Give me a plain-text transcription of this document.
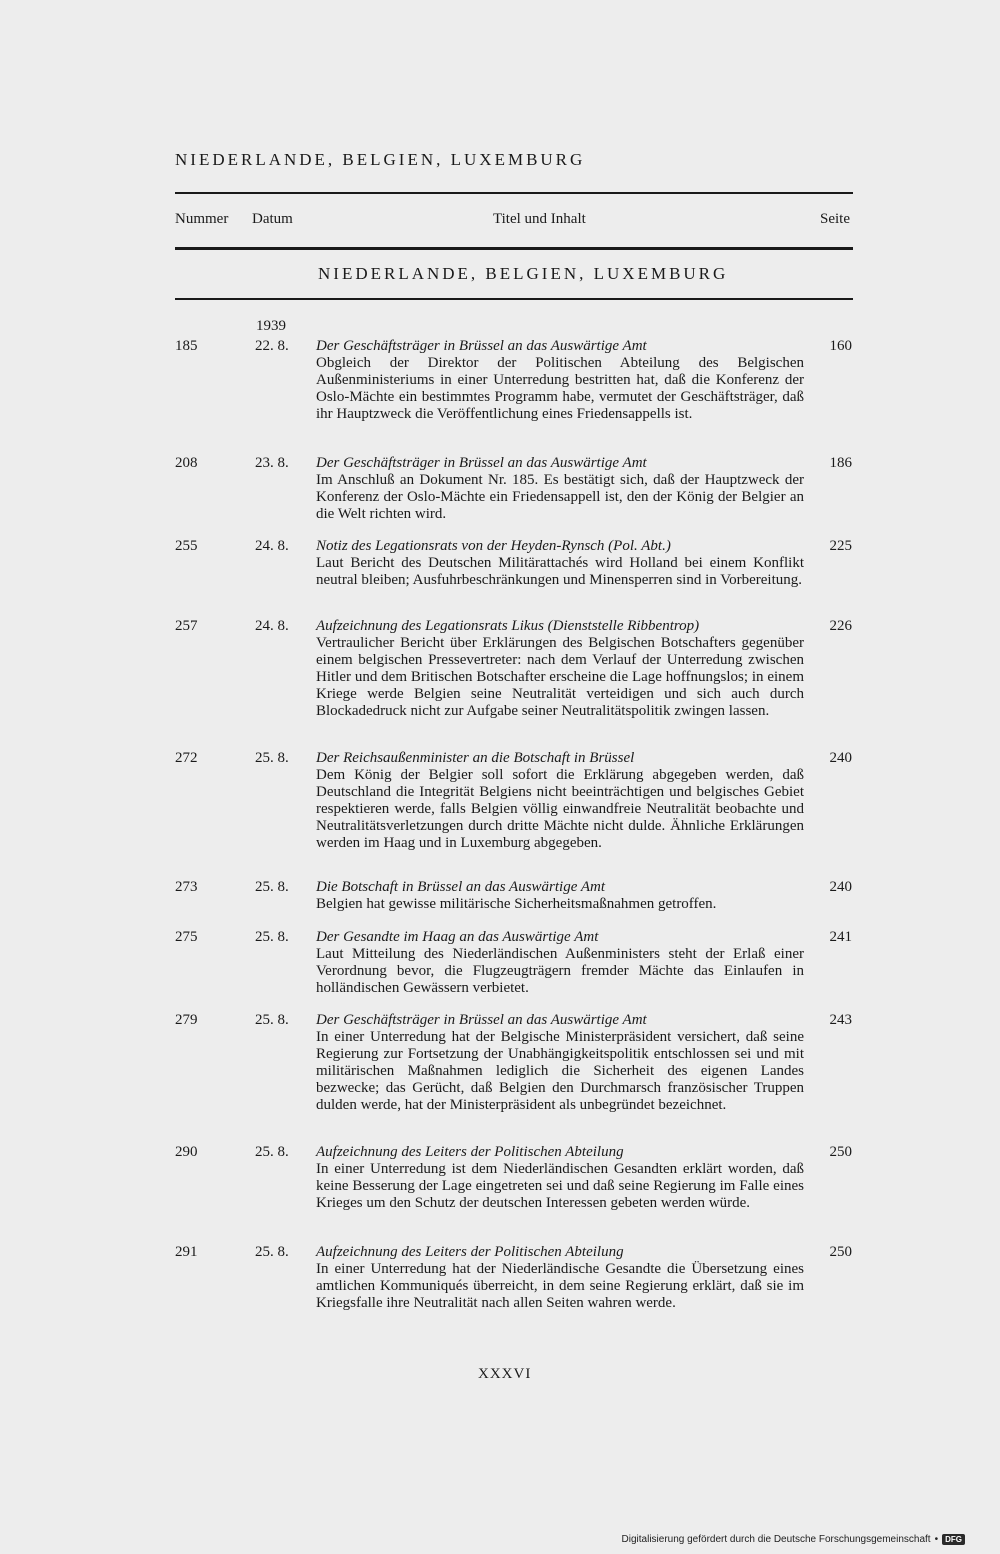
NIEDERLANDE, BELGIEN, LUXEMBURG
Nummer Datum	Titel und Inhalt	Seite
NIEDERLANDE, BELGIEN, LUXEMBURG
1939
185	22. 8. Der Geschäftsträger in Brüssel an das Auswärtige Amt	160
Obgleich der Direktor der Politischen Abteilung des Belgischen Außenministeriums in einer Unterredung bestritten hat, daß die Konferenz der Oslo-Mächte ein bestimmtes Programm habe, vermutet der Geschäftsträger, daß ihr Hauptzweck die Veröffentlichung eines Friedensappells ist.
208	23. 8. Der Geschäftsträger in Brüssel an das Auswärtige Amt	186
Im Anschluß an Dokument Nr. 185. Es bestätigt sich, daß der Hauptzweck der Konferenz der Oslo-Mächte ein Friedensappell ist, den der König der Belgier an die Welt richten wird.
255	24. 8. Notiz des Legationsrats von der Heyden-Rynsch (Pol. Abt.)	225
Laut Bericht des Deutschen Militärattachés wird Holland bei einem Konflikt neutral bleiben; Ausfuhrbeschränkungen und Minensperren sind in Vorbereitung.
257	24. 8. Aufzeichnung des Legationsrats Likus (Dienststelle Ribbentrop)	226
Vertraulicher Bericht über Erklärungen des Belgischen Botschafters gegenüber einem belgischen Pressevertreter: nach dem Verlauf der Unterredung zwischen Hitler und dem Britischen Botschafter erscheine die Lage hoffnungslos; in einem Kriege werde Belgien seine Neutralität verteidigen und sich auch durch Blockadedruck nicht zur Aufgabe seiner Neutralitätspolitik zwingen lassen.
272	25. 8. Der Reichsaußenminister an die Botschaft in Brüssel	240
Dem König der Belgier soll sofort die Erklärung abgegeben werden, daß Deutschland die Integrität Belgiens nicht beeinträchtigen und belgisches Gebiet respektieren werde, falls Belgien völlig einwandfreie Neutralität beobachte und Neutralitätsverletzungen durch dritte Mächte nicht dulde. Ähnliche Erklärungen werden im Haag und in Luxemburg abgegeben.
273	25. 8. Die Botschaft in Brüssel an das Auswärtige Amt	240
Belgien hat gewisse militärische Sicherheitsmaßnahmen getroffen.
275	25. 8. Der Gesandte im Haag an das Auswärtige Amt	241
Laut Mitteilung des Niederländischen Außenministers steht der Erlaß einer Verordnung bevor, die Flugzeugträgern fremder Mächte das Einlaufen in holländischen Gewässern verbietet.
279	25. 8. Der Geschäftsträger in Brüssel an das Auswärtige Amt	243
In einer Unterredung hat der Belgische Ministerpräsident versichert, daß seine Regierung zur Fortsetzung der Unabhängigkeitspolitik entschlossen sei und mit militärischen Maßnahmen lediglich die Sicherheit des eigenen Landes bezwecke; das Gerücht, daß Belgien den Durchmarsch französischer Truppen dulden werde, hat der Ministerpräsident als unbegründet bezeichnet.
290	25. 8. Aufzeichnung des Leiters der Politischen Abteilung	250
In einer Unterredung ist dem Niederländischen Gesandten erklärt worden, daß keine Besserung der Lage eingetreten sei und daß seine Regierung im Falle eines Krieges um den Schutz der deutschen Interessen gebeten werden würde.
291	25. 8. Aufzeichnung des Leiters der Politischen Abteilung	250
In einer Unterredung hat der Niederländische Gesandte die Übersetzung eines amtlichen Kommuniqués überreicht, in dem seine Regierung erklärt, daß sie im Kriegsfalle ihre Neutralität nach allen Seiten wahren werde.
XXXVI
Digitalisierung gefördert durch die Deutsche Forschungsgemeinschaft • DFG
